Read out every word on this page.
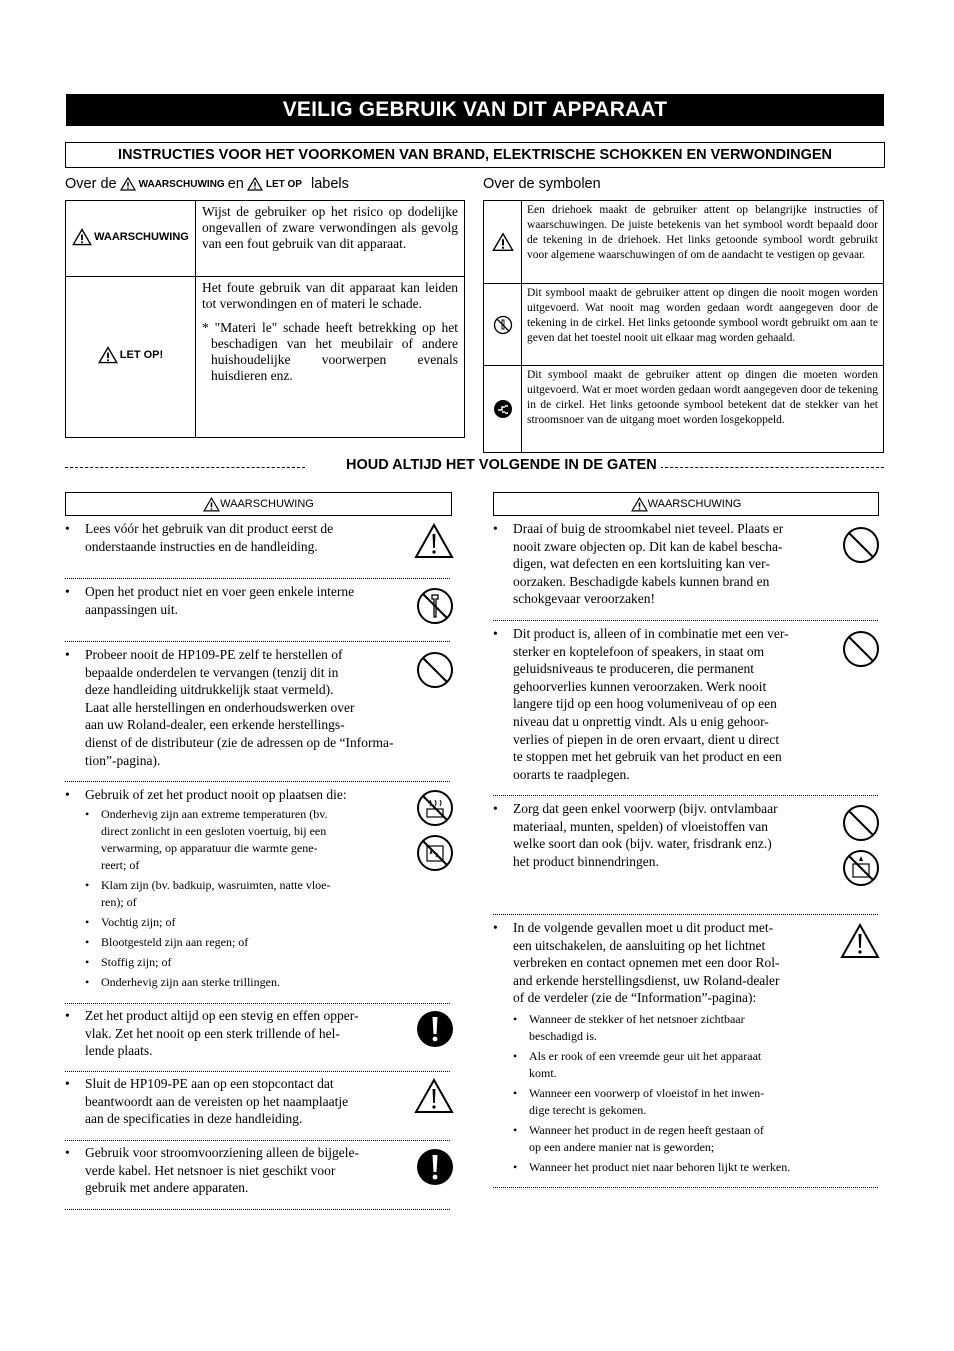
VEILIG GEBRUIK VAN DIT APPARAAT
INSTRUCTIES VOOR HET VOORKOMEN VAN BRAND, ELEKTRISCHE SCHOKKEN EN VERWONDINGEN
Over de WAARSCHUWING en LET OP labels	Over de symbolen
WAARSCHUWING	Wijst de gebruiker op het risico op dodelijke ongevallen of zware verwondingen als gevolg van een fout gebruik van dit apparaat.

LET OP!	Het foute gebruik van dit apparaat kan leiden tot verwondingen en of materi le schade.
* "Materi le" schade heeft betrekking op het beschadigen van het meubilair of andere huishoudelijke voorwerpen evenals huisdieren enz.
	Een driehoek maakt de gebruiker attent op belangrijke instructies of waarschuwingen. De juiste betekenis van het symbool wordt bepaald door de tekening in de driehoek. Het links getoonde symbool wordt gebruikt voor algemene waarschuwingen of om de aandacht te vestigen op gevaar.

	Dit symbool maakt de gebruiker attent op dingen die nooit mogen worden uitgevoerd. Wat nooit mag worden gedaan wordt aangegeven door de tekening in de cirkel. Het links getoonde symbool wordt gebruikt om aan te geven dat het toestel nooit uit elkaar mag worden gehaald.

	Dit symbool maakt de gebruiker attent op dingen die moeten worden uitgevoerd. Wat er moet worden gedaan wordt aangegeven door de tekening in de cirkel. Het links getoonde symbool betekent dat de stekker van het stroomsnoer van de uitgang moet worden losgekoppeld.
HOUD ALTIJD HET VOLGENDE IN DE GATEN
WAARSCHUWING
• Lees vóór het gebruik van dit product eerst de
onderstaande instructies en de handleiding.
• Open het product niet en voer geen enkele interne
aanpassingen uit.
• Probeer nooit de HP109-PE zelf te herstellen of
bepaalde onderdelen te vervangen (tenzij dit in
deze handleiding uitdrukkelijk staat vermeld).
Laat alle herstellingen en onderhoudswerken over
aan uw Roland-dealer, een erkende herstellings-
dienst of de distributeur (zie de adressen op de “Informa-
tion”-pagina).
• Gebruik of zet het product nooit op plaatsen die:
• Onderhevig zijn aan extreme temperaturen (bv.
direct zonlicht in een gesloten voertuig, bij een
verwarming, op apparatuur die warmte gene-
reert; of
• Klam zijn (bv. badkuip, wasruimten, natte vloe-
ren); of
• Vochtig zijn; of
• Blootgesteld zijn aan regen; of
• Stoffig zijn; of
• Onderhevig zijn aan sterke trillingen.
• Zet het product altijd op een stevig en effen opper-
vlak. Zet het nooit op een sterk trillende of hel-
lende plaats.
• Sluit de HP109-PE aan op een stopcontact dat
beantwoordt aan de vereisten op het naamplaatje
aan de specificaties in deze handleiding.
• Gebruik voor stroomvoorziening alleen de bijgele-
verde kabel. Het netsnoer is niet geschikt voor
gebruik met andere apparaten.
WAARSCHUWING
• Draai of buig de stroomkabel niet teveel. Plaats er
nooit zware objecten op. Dit kan de kabel bescha-
digen, wat defecten en een kortsluiting kan ver-
oorzaken. Beschadigde kabels kunnen brand en
schokgevaar veroorzaken!
• Dit product is, alleen of in combinatie met een ver-
sterker en koptelefoon of speakers, in staat om
geluidsniveaus te produceren, die permanent
gehoorverlies kunnen veroorzaken. Werk nooit
langere tijd op een hoog volumeniveau of op een
niveau dat u onprettig vindt. Als u enig gehoor-
verlies of piepen in de oren ervaart, dient u direct
te stoppen met het gebruik van het product en een
oorarts te raadplegen.
• Zorg dat geen enkel voorwerp (bijv. ontvlambaar
materiaal, munten, spelden) of vloeistoffen van
welke soort dan ook (bijv. water, frisdrank enz.)
het product binnendringen.
• In de volgende gevallen moet u dit product met-
een uitschakelen, de aansluiting op het lichtnet
verbreken en contact opnemen met een door Rol-
and erkende herstellingsdienst, uw Roland-dealer
of de verdeler (zie de “Information”-pagina):
• Wanneer de stekker of het netsnoer zichtbaar
beschadigd is.
• Als er rook of een vreemde geur uit het apparaat
komt.
• Wanneer een voorwerp of vloeistof in het inwen-
dige terecht is gekomen.
• Wanneer het product in de regen heeft gestaan of
op een andere manier nat is geworden;
• Wanneer het product niet naar behoren lijkt te werken.
